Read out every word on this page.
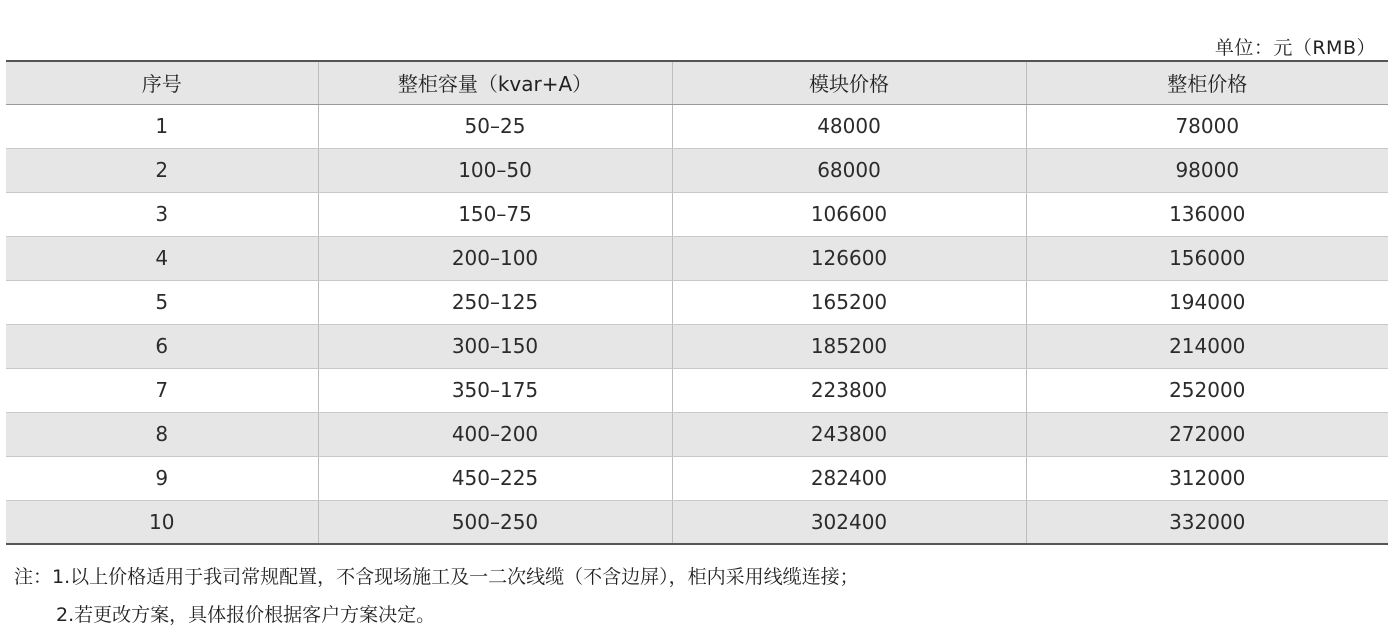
单位：元（RMB）
序号	整柜容量（kvar+A）	模块价格	整柜价格
1	50–25	48000	78000
2	100–50	68000	98000
3	150–75	106600	136000
4	200–100	126600	156000
5	250–125	165200	194000
6	300–150	185200	214000
7	350–175	223800	252000
8	400–200	243800	272000
9	450–225	282400	312000
10	500–250	302400	332000
注：1.以上价格适用于我司常规配置，不含现场施工及一二次线缆（不含边屏），柜内采用线缆连接；
2.若更改方案，具体报价根据客户方案决定。
